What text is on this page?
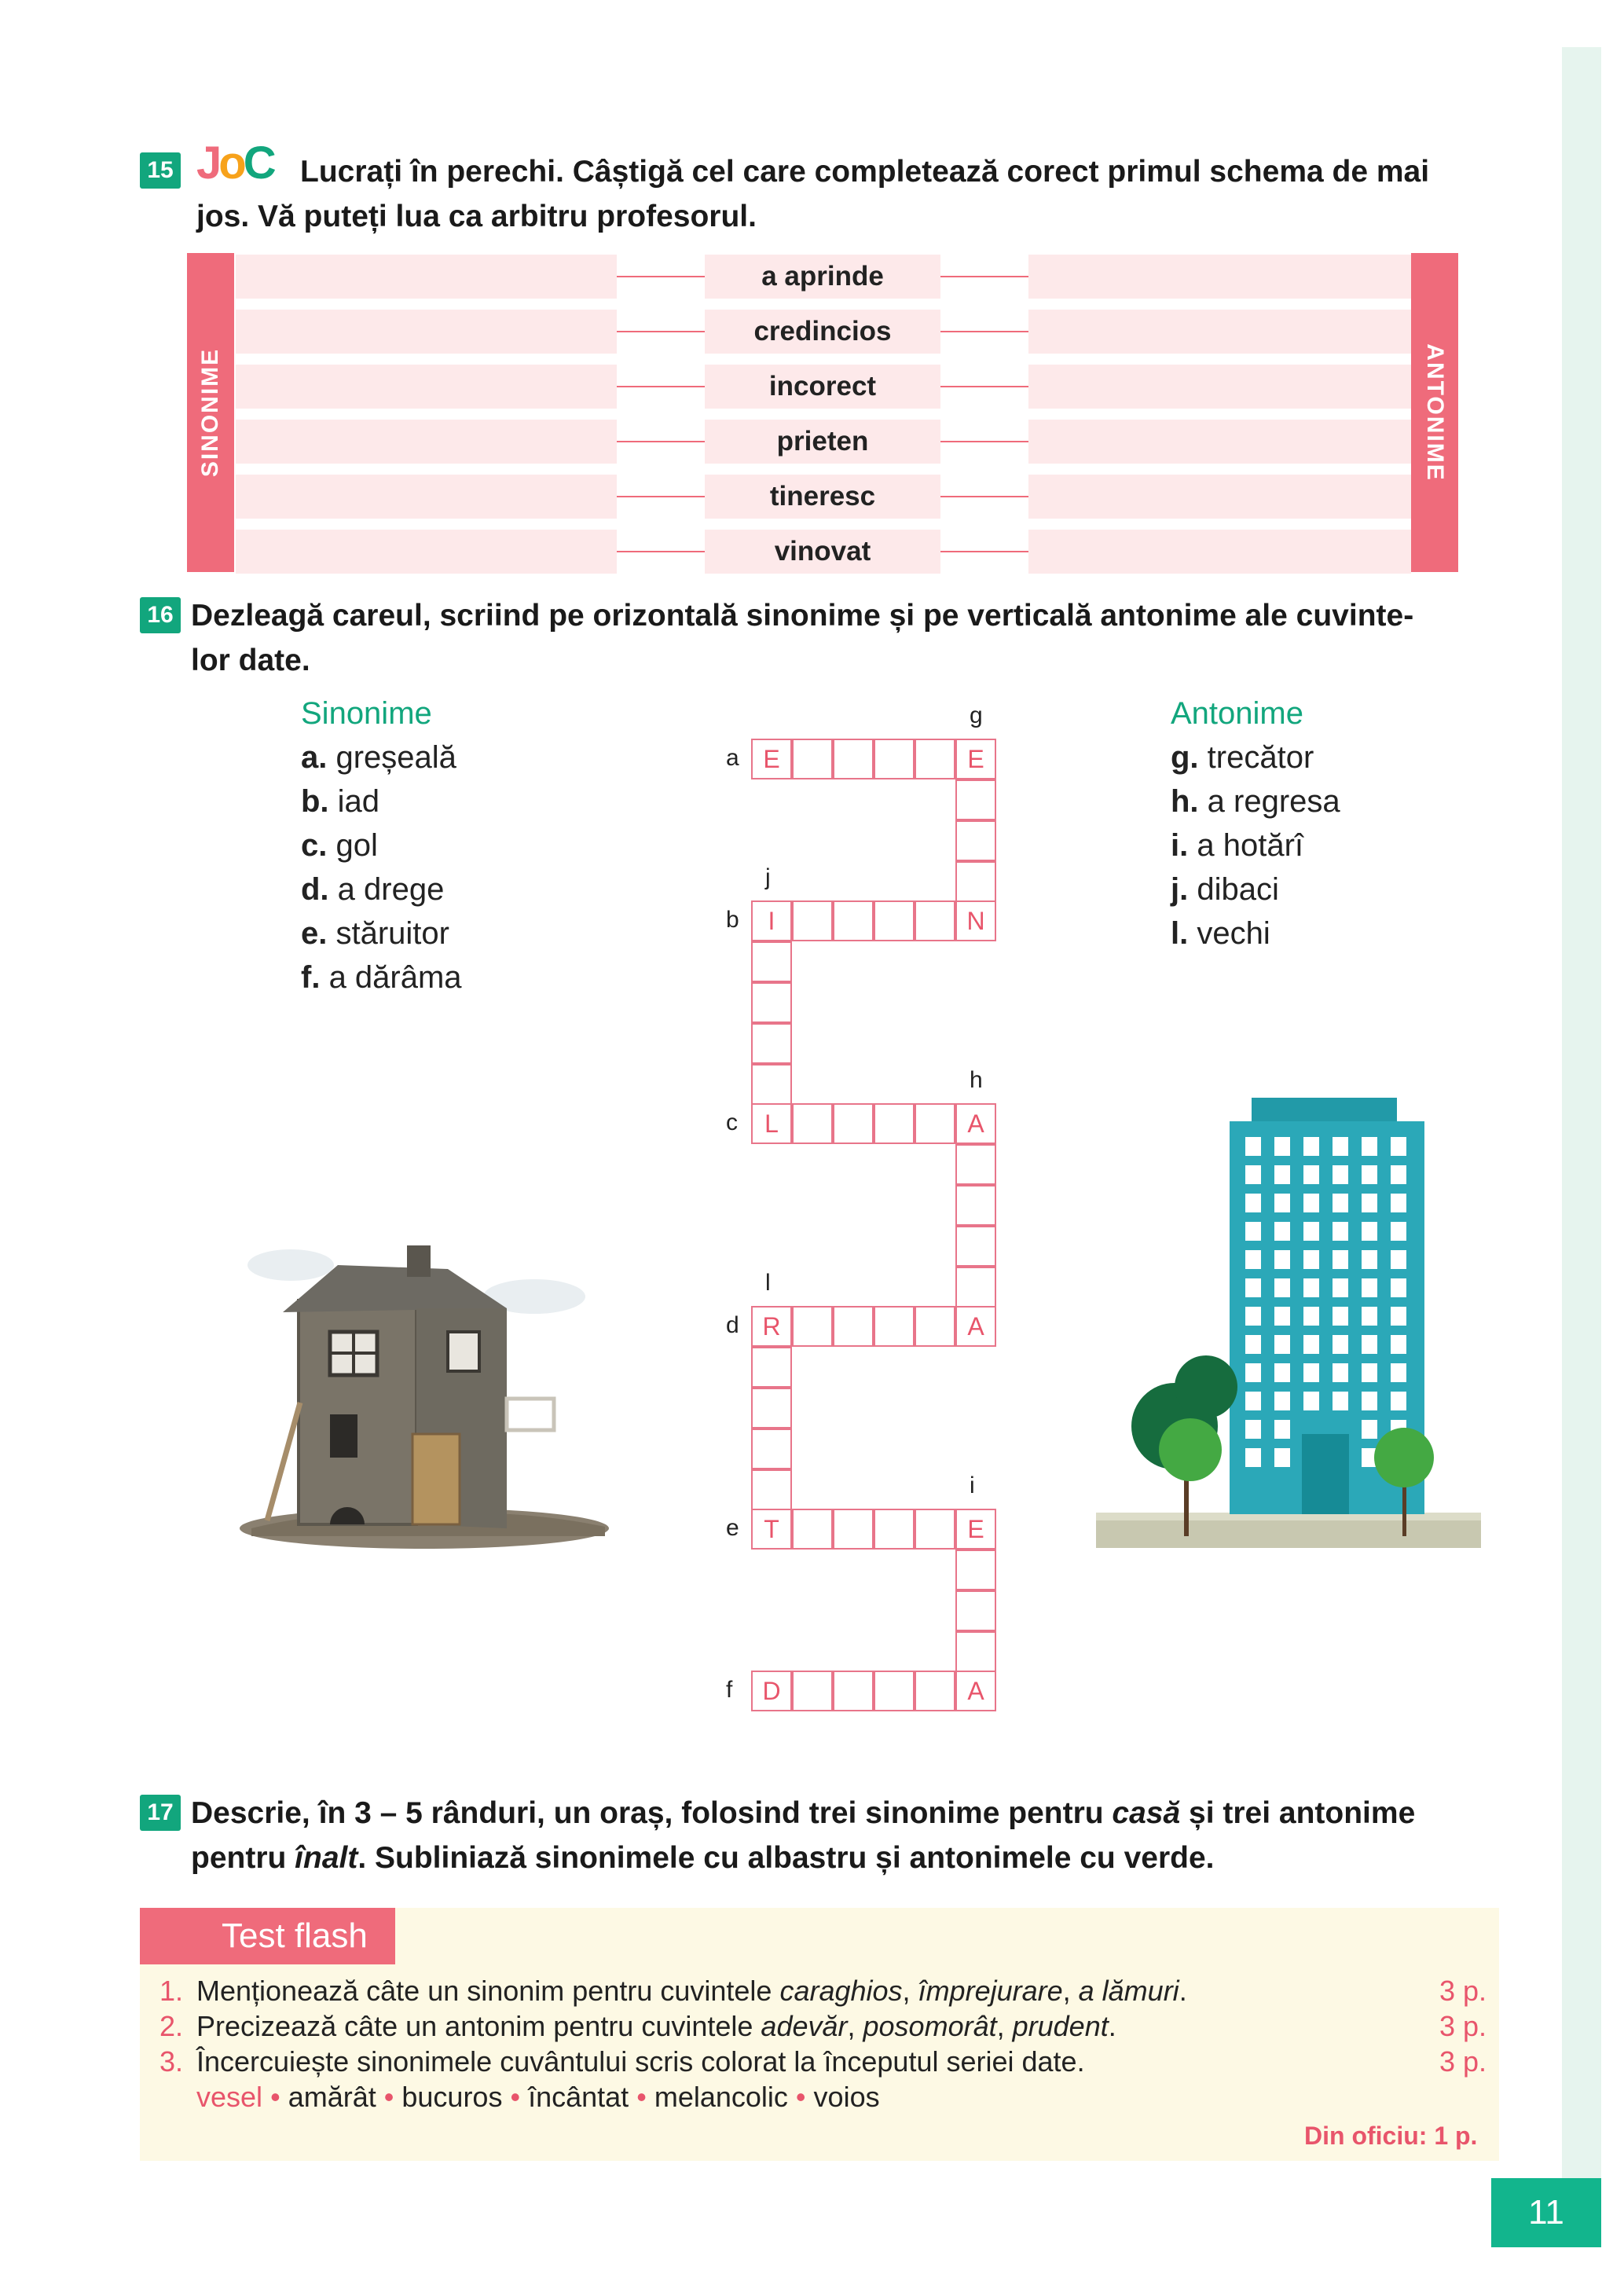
11
15 JoC Lucrați în perechi. Câștigă cel care completează corect primul schema de mai
jos. Vă puteți lua ca arbitru profesorul.
SINONIME	ANTONIME
a aprinde
credincios
incorect
prieten
tineresc
vinovat
16 Dezleagă careul, scriind pe orizontală sinonime și pe verticală antonime ale cuvinte-
lor date.
Sinonime
a. greșeală
b. iad
c. gol
d. a drege
e. stăruitor
f. a dărâma
Antonime
g. trecător
h. a regresa
i. a hotărî
j. dibaci
l. vechi
E	E
a
I	N
b
L	A
c
R	A
d
T	E
e
D	A
f
g
j
h
l
i
17 Descrie, în 3 – 5 rânduri, un oraș, folosind trei sinonime pentru casă și trei antonime
pentru înalt. Subliniază sinonimele cu albastru și antonimele cu verde.
Test flash
1. Menționează câte un sinonim pentru cuvintele caraghios, împrejurare, a lămuri.	3 p.
2. Precizează câte un antonim pentru cuvintele adevăr, posomorât, prudent.	3 p.
3. Încercuiește sinonimele cuvântului scris colorat la începutul seriei date.	3 p.
vesel • amărât • bucuros • încântat • melancolic • voios
Din oficiu: 1 p.
